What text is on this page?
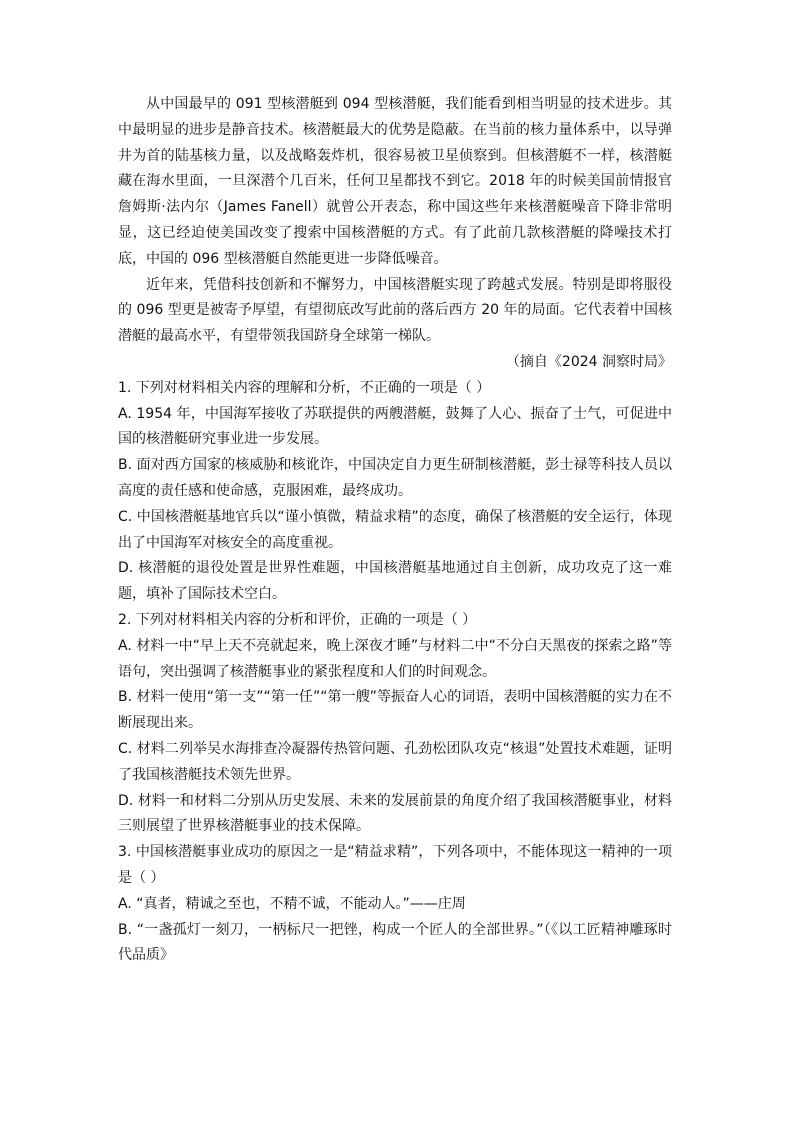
从中国最早的 091 型核潜艇到 094 型核潜艇，我们能看到相当明显的技术进步。其中最明显的进步是静音技术。核潜艇最大的优势是隐蔽。在当前的核力量体系中，以导弹井为首的陆基核力量，以及战略轰炸机，很容易被卫星侦察到。但核潜艇不一样，核潜艇藏在海水里面，一旦深潜个几百米，任何卫星都找不到它。2018 年的时候美国前情报官詹姆斯·法内尔（James Fanell）就曾公开表态，称中国这些年来核潜艇噪音下降非常明显，这已经迫使美国改变了搜索中国核潜艇的方式。有了此前几款核潜艇的降噪技术打底，中国的 096 型核潜艇自然能更进一步降低噪音。

近年来，凭借科技创新和不懈努力，中国核潜艇实现了跨越式发展。特别是即将服役的 096 型更是被寄予厚望，有望彻底改写此前的落后西方 20 年的局面。它代表着中国核潜艇的最高水平，有望带领我国跻身全球第一梯队。

（摘自《2024 洞察时局》

1. 下列对材料相关内容的理解和分析，不正确的一项是（ ）

A. 1954 年，中国海军接收了苏联提供的两艘潜艇，鼓舞了人心、振奋了士气，可促进中国的核潜艇研究事业进一步发展。

B. 面对西方国家的核威胁和核讹诈，中国决定自力更生研制核潜艇，彭士禄等科技人员以高度的责任感和使命感，克服困难，最终成功。

C. 中国核潜艇基地官兵以“谨小慎微，精益求精”的态度，确保了核潜艇的安全运行，体现出了中国海军对核安全的高度重视。

D. 核潜艇的退役处置是世界性难题，中国核潜艇基地通过自主创新，成功攻克了这一难题，填补了国际技术空白。

2. 下列对材料相关内容的分析和评价，正确的一项是（ ）

A. 材料一中“早上天不亮就起来，晚上深夜才睡”与材料二中“不分白天黑夜的探索之路”等语句，突出强调了核潜艇事业的紧张程度和人们的时间观念。

B. 材料一使用“第一支”“第一任”“第一艘”等振奋人心的词语，表明中国核潜艇的实力在不断展现出来。

C. 材料二列举吴水海排查冷凝器传热管问题、孔劲松团队攻克“核退”处置技术难题，证明了我国核潜艇技术领先世界。

D. 材料一和材料二分别从历史发展、未来的发展前景的角度介绍了我国核潜艇事业，材料三则展望了世界核潜艇事业的技术保障。

3. 中国核潜艇事业成功的原因之一是“精益求精”，下列各项中，不能体现这一精神的一项是（ ）

A. “真者，精诚之至也，不精不诚，不能动人。”——庄周

B. “一盏孤灯一刻刀，一柄标尺一把锉，构成一个匠人的全部世界。”（《以工匠精神雕琢时代品质》
